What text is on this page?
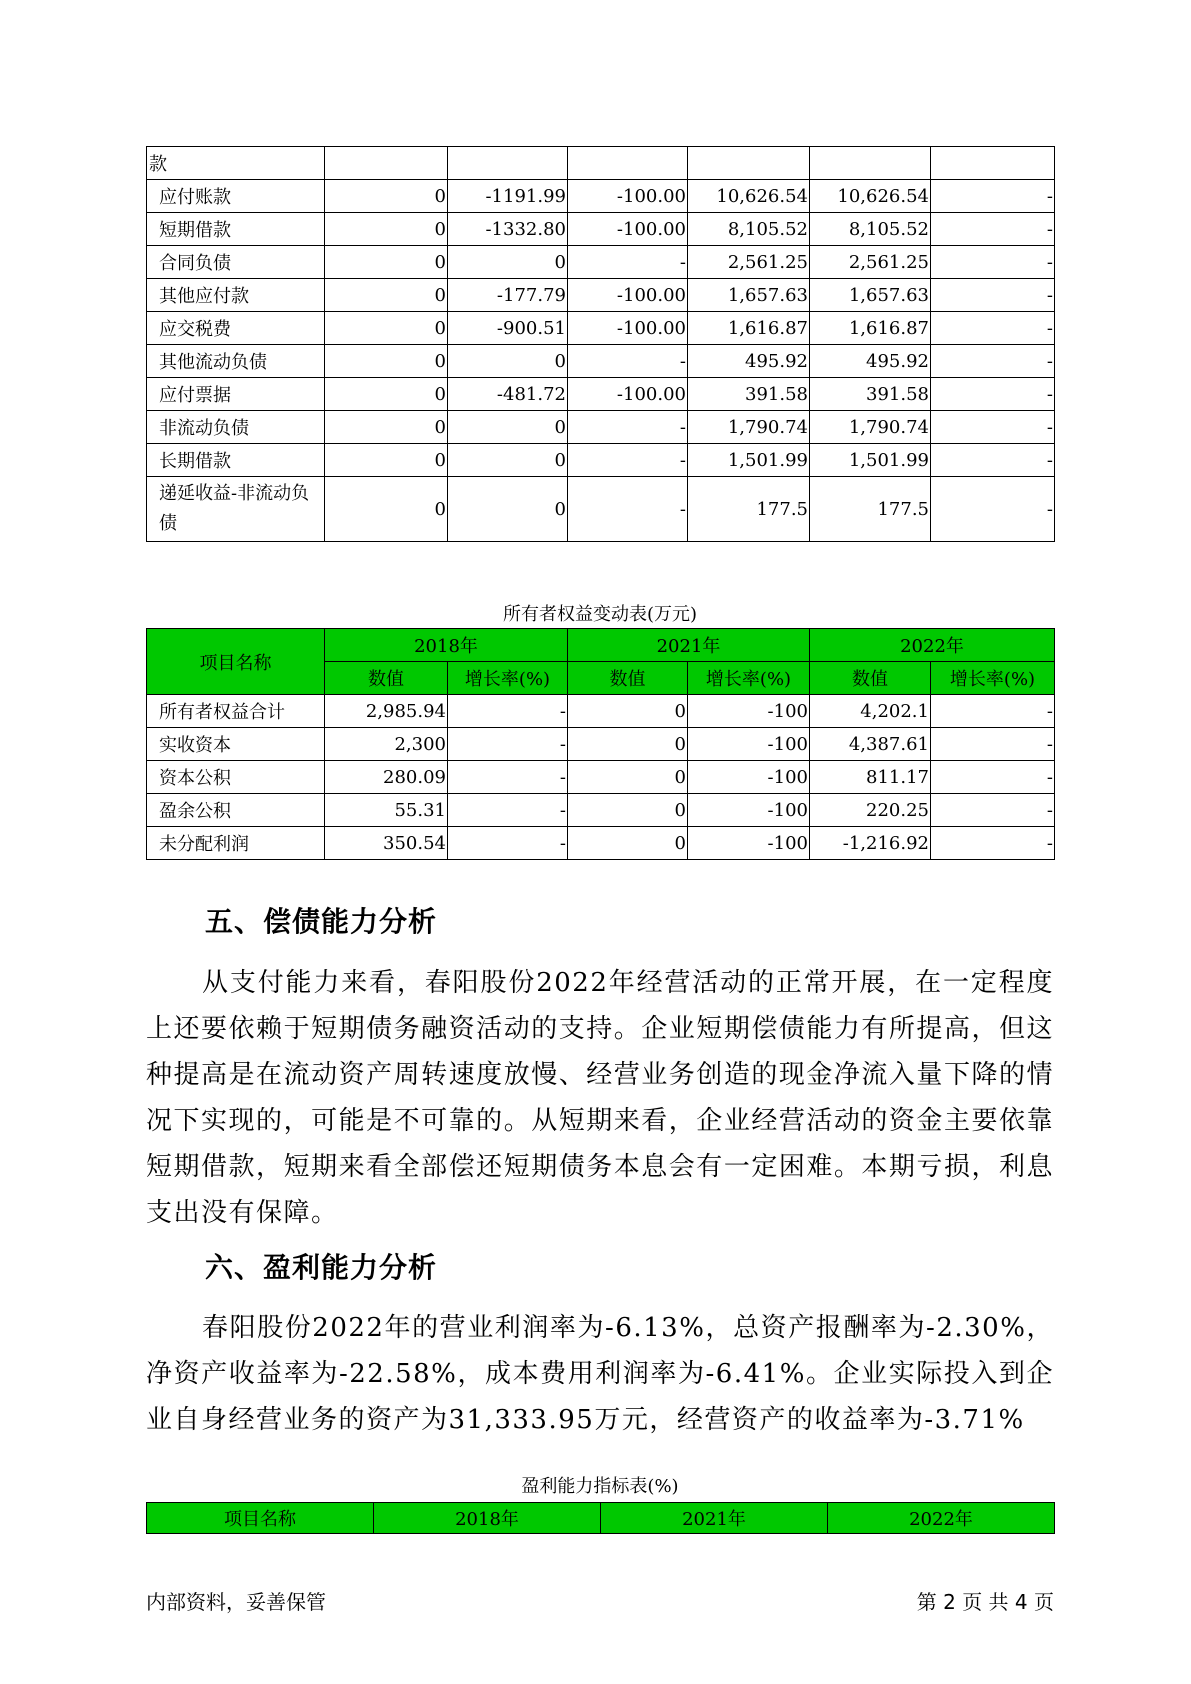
款						
应付账款	0	-1191.99	-100.00	10,626.54	10,626.54	-
短期借款	0	-1332.80	-100.00	8,105.52	8,105.52	-
合同负债	0	0	-	2,561.25	2,561.25	-
其他应付款	0	-177.79	-100.00	1,657.63	1,657.63	-
应交税费	0	-900.51	-100.00	1,616.87	1,616.87	-
其他流动负债	0	0	-	495.92	495.92	-
应付票据	0	-481.72	-100.00	391.58	391.58	-
非流动负债	0	0	-	1,790.74	1,790.74	-
长期借款	0	0	-	1,501.99	1,501.99	-
递延收益-非流动负债	0	0	-	177.5	177.5	-
所有者权益变动表(万元)
项目名称	2018年		2021年		2022年	
	数值	增长率(%)	数值	增长率(%)	数值	增长率(%)
所有者权益合计	2,985.94	-	0	-100	4,202.1	-
实收资本	2,300	-	0	-100	4,387.61	-
资本公积	280.09	-	0	-100	811.17	-
盈余公积	55.31	-	0	-100	220.25	-
未分配利润	350.54	-	0	-100	-1,216.92	-
五、偿债能力分析

从支付能力来看，春阳股份2022年经营活动的正常开展，在一定程度上还要依赖于短期债务融资活动的支持。企业短期偿债能力有所提高，但这种提高是在流动资产周转速度放慢、经营业务创造的现金净流入量下降的情况下实现的，可能是不可靠的。从短期来看，企业经营活动的资金主要依靠短期借款，短期来看全部偿还短期债务本息会有一定困难。本期亏损，利息支出没有保障。

六、盈利能力分析

春阳股份2022年的营业利润率为-6.13%，总资产报酬率为-2.30%，净资产收益率为-22.58%，成本费用利润率为-6.41%。企业实际投入到企业自身经营业务的资产为31,333.95万元，经营资产的收益率为-3.71%

盈利能力指标表(%)
项目名称	2018年	2021年	2022年
内部资料，妥善保管	第 2 页 共 4 页
